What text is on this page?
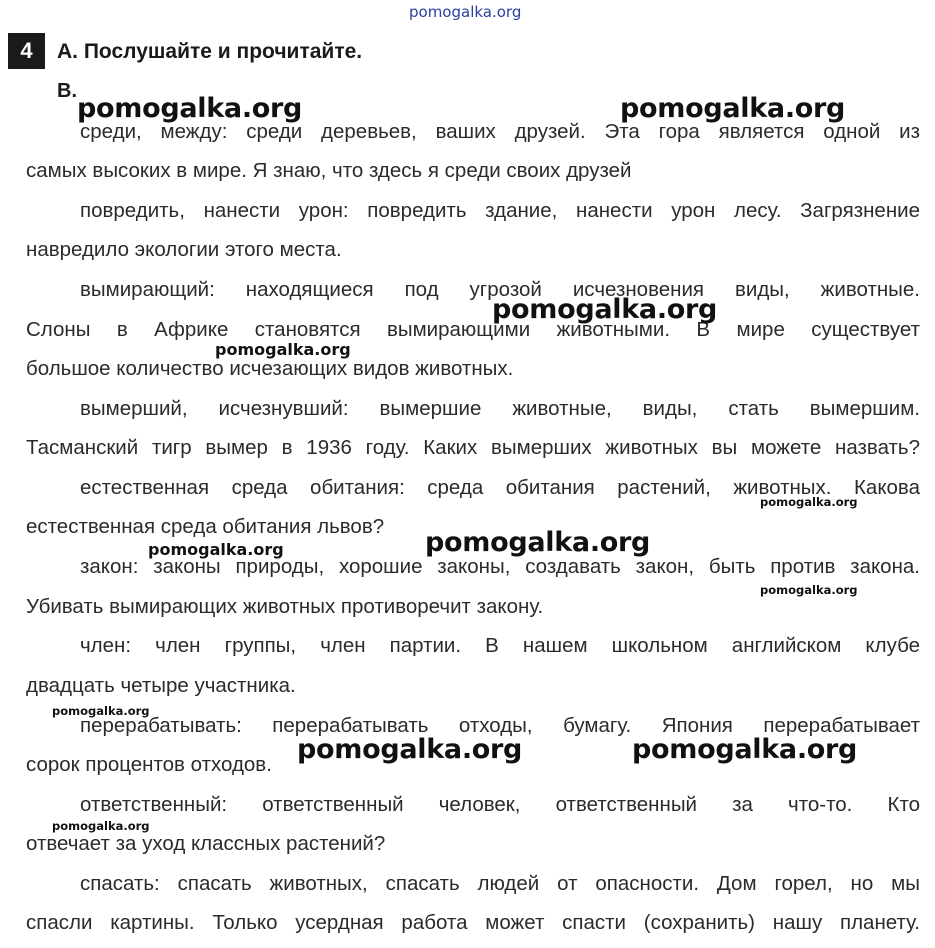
pomogalka.org
4	А. Послушайте и прочитайте.
В.
среди, между: среди деревьев, ваших друзей. Эта гора является одной из
самых высоких в мире. Я знаю, что здесь я среди своих друзей
повредить, нанести урон: повредить здание, нанести урон лесу. Загрязнение
навредило экологии этого места.
вымирающий: находящиеся под угрозой исчезновения виды, животные.
Слоны в Африке становятся вымирающими животными. В мире существует
большое количество исчезающих видов животных.
вымерший, исчезнувший: вымершие животные, виды, стать вымершим.
Тасманский тигр вымер в 1936 году. Каких вымерших животных вы можете назвать?
естественная среда обитания: среда обитания растений, животных. Какова
естественная среда обитания львов?
закон: законы природы, хорошие законы, создавать закон, быть против закона.
Убивать вымирающих животных противоречит закону.
член: член группы, член партии. В нашем школьном английском клубе
двадцать четыре участника.
перерабатывать: перерабатывать отходы, бумагу. Япония перерабатывает
сорок процентов отходов.
ответственный: ответственный человек, ответственный за что-то. Кто
отвечает за уход классных растений?
спасать: спасать животных, спасать людей от опасности. Дом горел, но мы
спасли картины. Только усердная работа может спасти (сохранить) нашу планету.
pomogalka.org	pomogalka.org
pomogalka.org
pomogalka.org
pomogalka.org
pomogalka.org
pomogalka.org
pomogalka.org
pomogalka.org
pomogalka.org	pomogalka.org
pomogalka.org
